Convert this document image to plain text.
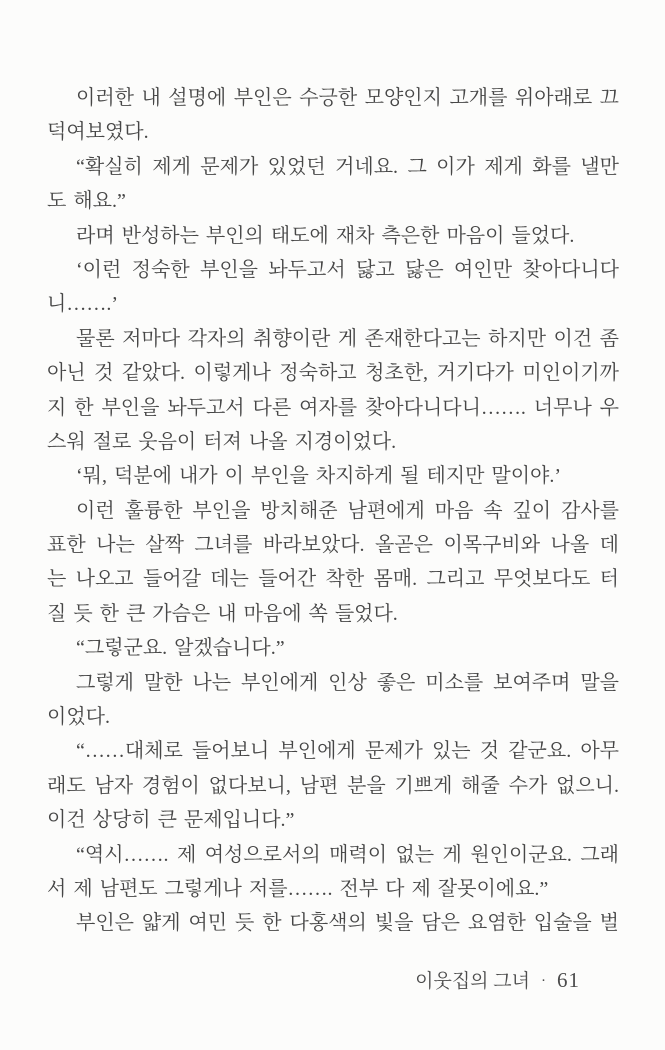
이러한 내 설명에 부인은 수긍한 모양인지 고개를 위아래로 끄
덕여보였다.
“확실히 제게 문제가 있었던 거네요. 그 이가 제게 화를 낼만
도 해요.”
라며 반성하는 부인의 태도에 재차 측은한 마음이 들었다.
‘이런 정숙한 부인을 놔두고서 닳고 닳은 여인만 찾아다니다
니…….’
물론 저마다 각자의 취향이란 게 존재한다고는 하지만 이건 좀
아닌 것 같았다. 이렇게나 정숙하고 청초한, 거기다가 미인이기까
지 한 부인을 놔두고서 다른 여자를 찾아다니다니……. 너무나 우
스워 절로 웃음이 터져 나올 지경이었다.
‘뭐, 덕분에 내가 이 부인을 차지하게 될 테지만 말이야.’
이런 훌륭한 부인을 방치해준 남편에게 마음 속 깊이 감사를
표한 나는 살짝 그녀를 바라보았다. 올곧은 이목구비와 나올 데
는 나오고 들어갈 데는 들어간 착한 몸매. 그리고 무엇보다도 터
질 듯 한 큰 가슴은 내 마음에 쏙 들었다.
“그렇군요. 알겠습니다.”
그렇게 말한 나는 부인에게 인상 좋은 미소를 보여주며 말을
이었다.
“……대체로 들어보니 부인에게 문제가 있는 것 같군요. 아무
래도 남자 경험이 없다보니, 남편 분을 기쁘게 해줄 수가 없으니.
이건 상당히 큰 문제입니다.”
“역시……. 제 여성으로서의 매력이 없는 게 원인이군요. 그래
서 제 남편도 그렇게나 저를……. 전부 다 제 잘못이에요.”
부인은 얇게 여민 듯 한 다홍색의 빛을 담은 요염한 입술을 벌
이웃집의 그녀 · 61
